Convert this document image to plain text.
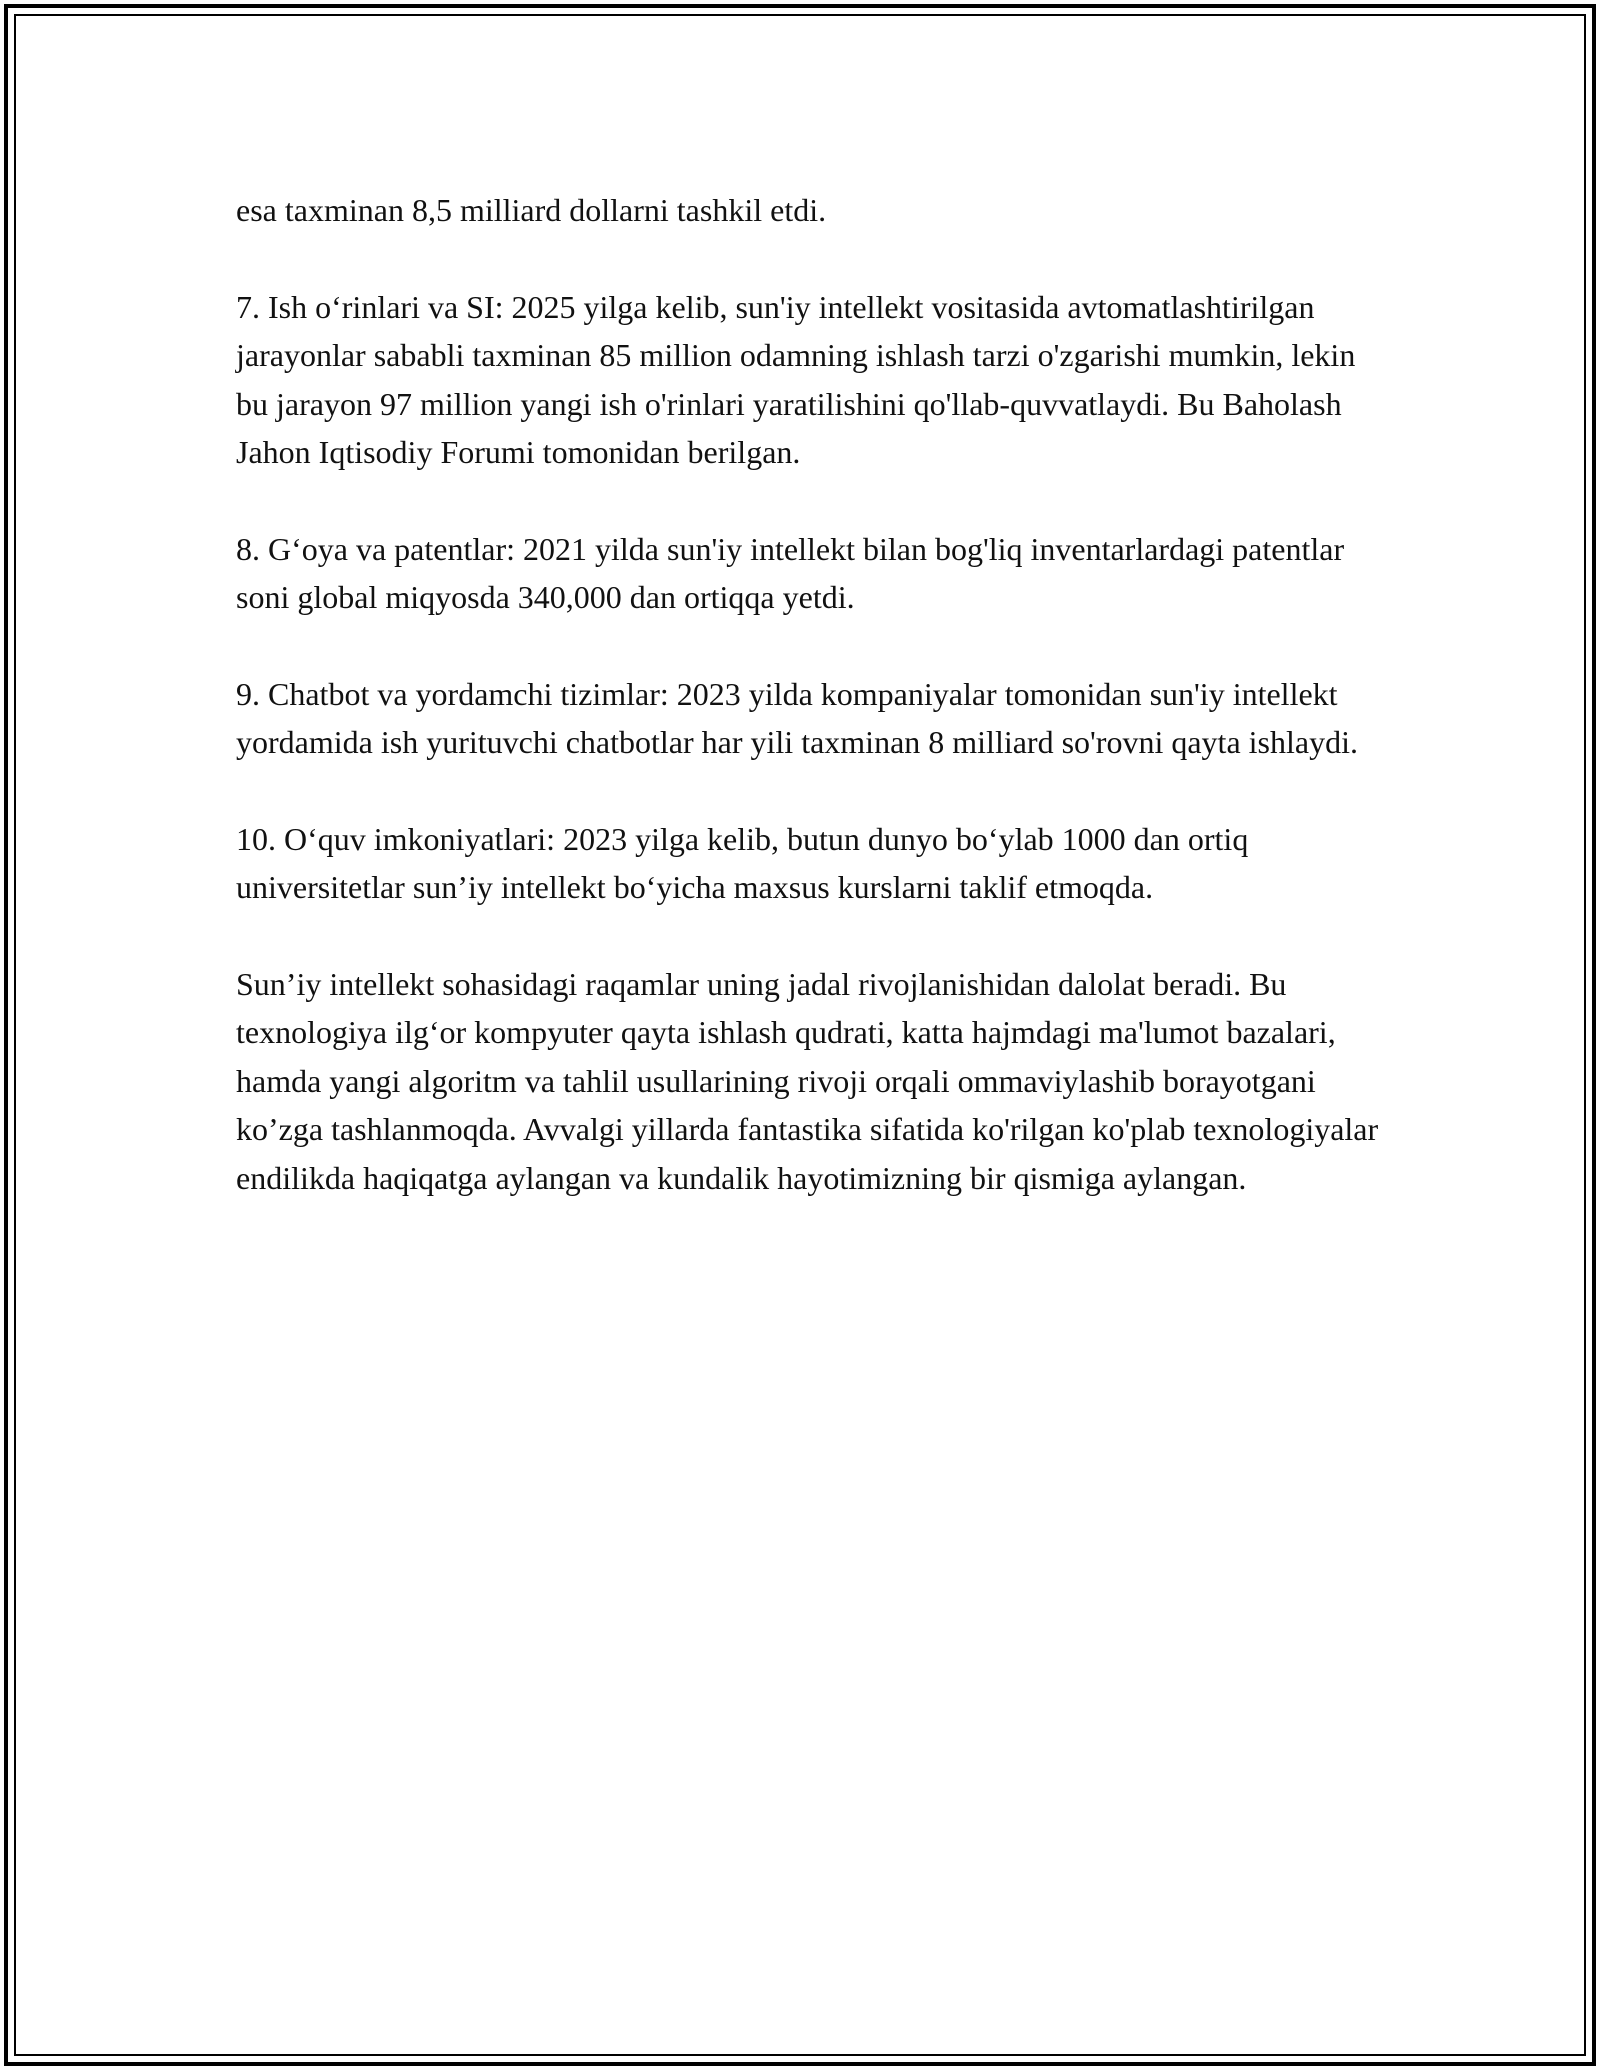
esa taxminan 8,5 milliard dollarni tashkil etdi.

7. Ish o‘rinlari va SI: 2025 yilga kelib, sun'iy intellekt vositasida avtomatlashtirilgan jarayonlar sababli taxminan 85 million odamning ishlash tarzi o'zgarishi mumkin, lekin bu jarayon 97 million yangi ish o'rinlari yaratilishini qo'llab-quvvatlaydi. Bu Baholash Jahon Iqtisodiy Forumi tomonidan berilgan.

8. G‘oya va patentlar: 2021 yilda sun'iy intellekt bilan bog'liq inventarlardagi patentlar soni global miqyosda 340,000 dan ortiqqa yetdi.

9. Chatbot va yordamchi tizimlar: 2023 yilda kompaniyalar tomonidan sun'iy intellekt yordamida ish yurituvchi chatbotlar har yili taxminan 8 milliard so'rovni qayta ishlaydi.

10. O‘quv imkoniyatlari: 2023 yilga kelib, butun dunyo bo‘ylab 1000 dan ortiq universitetlar sun’iy intellekt bo‘yicha maxsus kurslarni taklif etmoqda.

Sun’iy intellekt sohasidagi raqamlar uning jadal rivojlanishidan dalolat beradi. Bu texnologiya ilg‘or kompyuter qayta ishlash qudrati, katta hajmdagi ma'lumot bazalari, hamda yangi algoritm va tahlil usullarining rivoji orqali ommaviylashib borayotgani ko’zga tashlanmoqda. Avvalgi yillarda fantastika sifatida ko'rilgan ko'plab texnologiyalar endilikda haqiqatga aylangan va kundalik hayotimizning bir qismiga aylangan.
